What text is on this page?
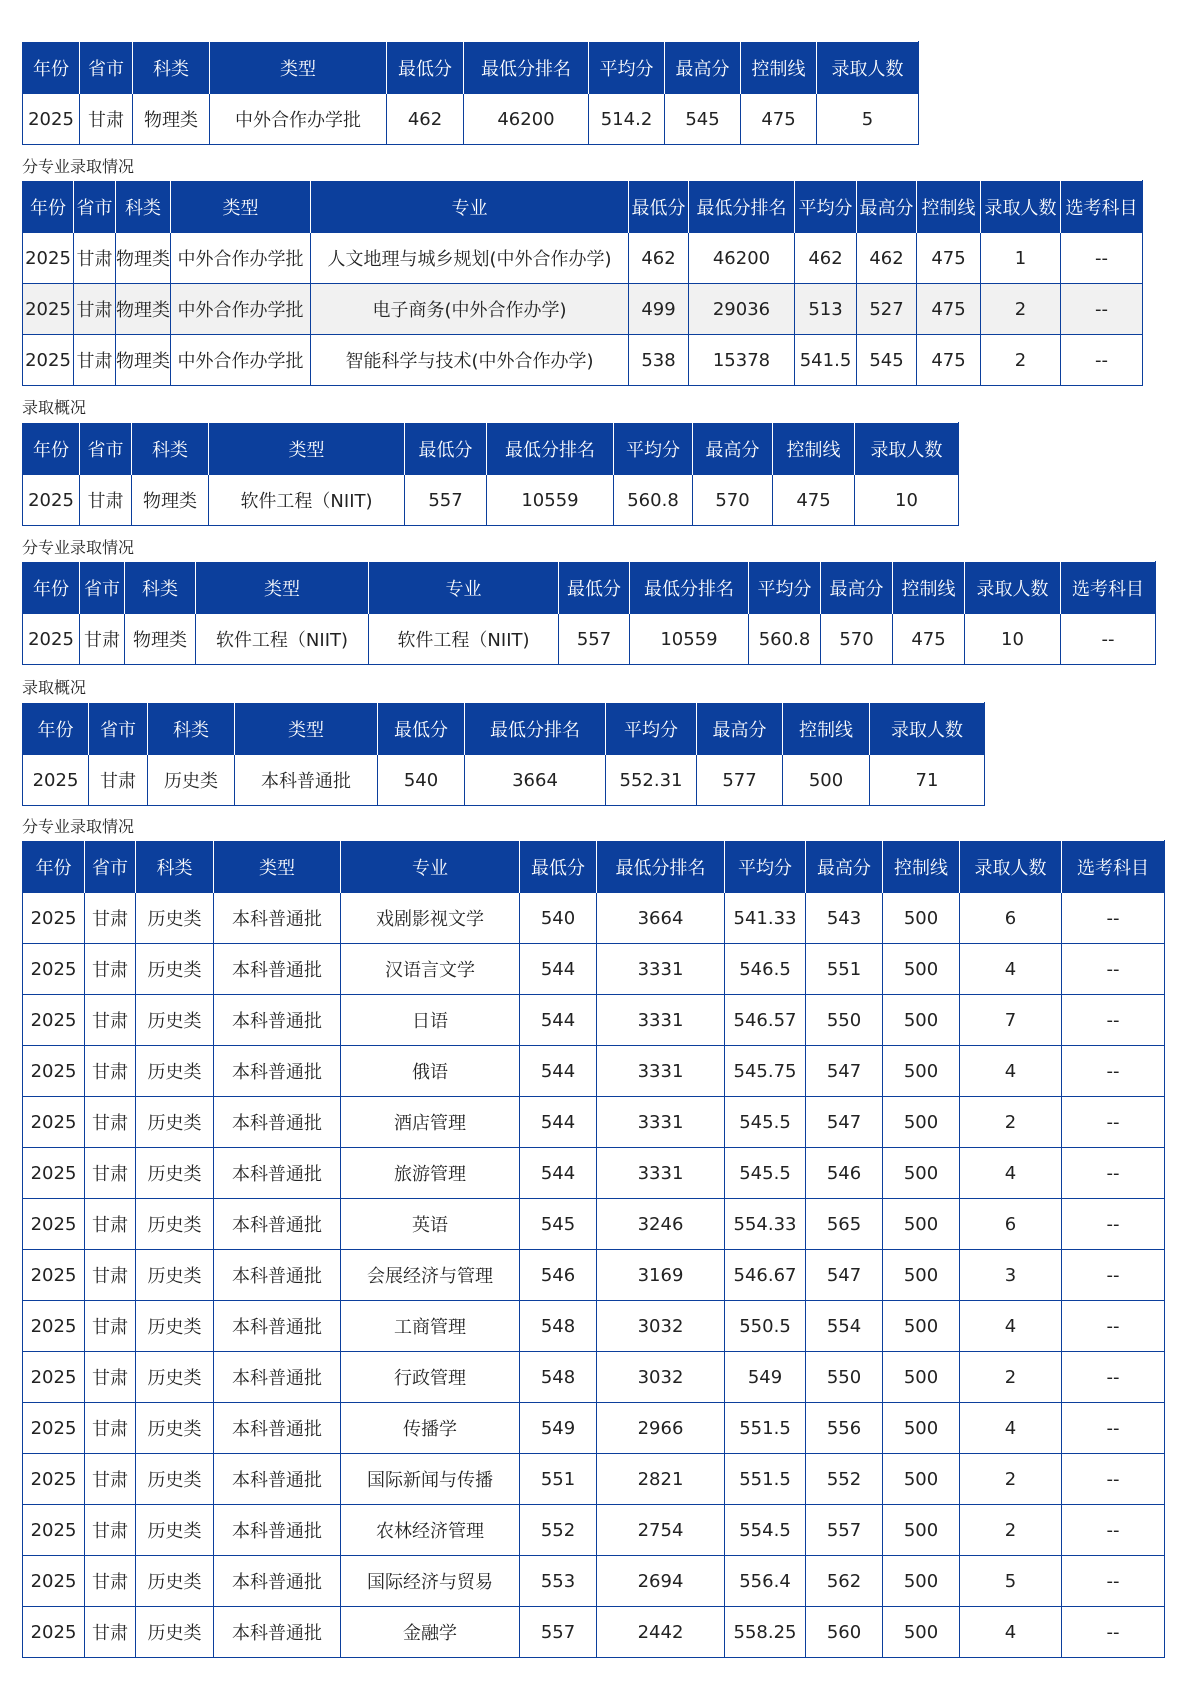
年份	省市	科类	类型	最低分	最低分排名	平均分	最高分	控制线	录取人数
2025	甘肃	物理类	中外合作办学批	462	46200	514.2	545	475	5
分专业录取情况
年份	省市	科类	类型	专业	最低分	最低分排名	平均分	最高分	控制线	录取人数	选考科目
2025	甘肃	物理类	中外合作办学批	人文地理与城乡规划(中外合作办学)	462	46200	462	462	475	1	--
2025	甘肃	物理类	中外合作办学批	电子商务(中外合作办学)	499	29036	513	527	475	2	--
2025	甘肃	物理类	中外合作办学批	智能科学与技术(中外合作办学)	538	15378	541.5	545	475	2	--
录取概况
年份	省市	科类	类型	最低分	最低分排名	平均分	最高分	控制线	录取人数
2025	甘肃	物理类	软件工程（NIIT)	557	10559	560.8	570	475	10
分专业录取情况
年份	省市	科类	类型	专业	最低分	最低分排名	平均分	最高分	控制线	录取人数	选考科目
2025	甘肃	物理类	软件工程（NIIT)	软件工程（NIIT)	557	10559	560.8	570	475	10	--
录取概况
年份	省市	科类	类型	最低分	最低分排名	平均分	最高分	控制线	录取人数
2025	甘肃	历史类	本科普通批	540	3664	552.31	577	500	71
分专业录取情况
年份	省市	科类	类型	专业	最低分	最低分排名	平均分	最高分	控制线	录取人数	选考科目
2025	甘肃	历史类	本科普通批	戏剧影视文学	540	3664	541.33	543	500	6	--
2025	甘肃	历史类	本科普通批	汉语言文学	544	3331	546.5	551	500	4	--
2025	甘肃	历史类	本科普通批	日语	544	3331	546.57	550	500	7	--
2025	甘肃	历史类	本科普通批	俄语	544	3331	545.75	547	500	4	--
2025	甘肃	历史类	本科普通批	酒店管理	544	3331	545.5	547	500	2	--
2025	甘肃	历史类	本科普通批	旅游管理	544	3331	545.5	546	500	4	--
2025	甘肃	历史类	本科普通批	英语	545	3246	554.33	565	500	6	--
2025	甘肃	历史类	本科普通批	会展经济与管理	546	3169	546.67	547	500	3	--
2025	甘肃	历史类	本科普通批	工商管理	548	3032	550.5	554	500	4	--
2025	甘肃	历史类	本科普通批	行政管理	548	3032	549	550	500	2	--
2025	甘肃	历史类	本科普通批	传播学	549	2966	551.5	556	500	4	--
2025	甘肃	历史类	本科普通批	国际新闻与传播	551	2821	551.5	552	500	2	--
2025	甘肃	历史类	本科普通批	农林经济管理	552	2754	554.5	557	500	2	--
2025	甘肃	历史类	本科普通批	国际经济与贸易	553	2694	556.4	562	500	5	--
2025	甘肃	历史类	本科普通批	金融学	557	2442	558.25	560	500	4	--
